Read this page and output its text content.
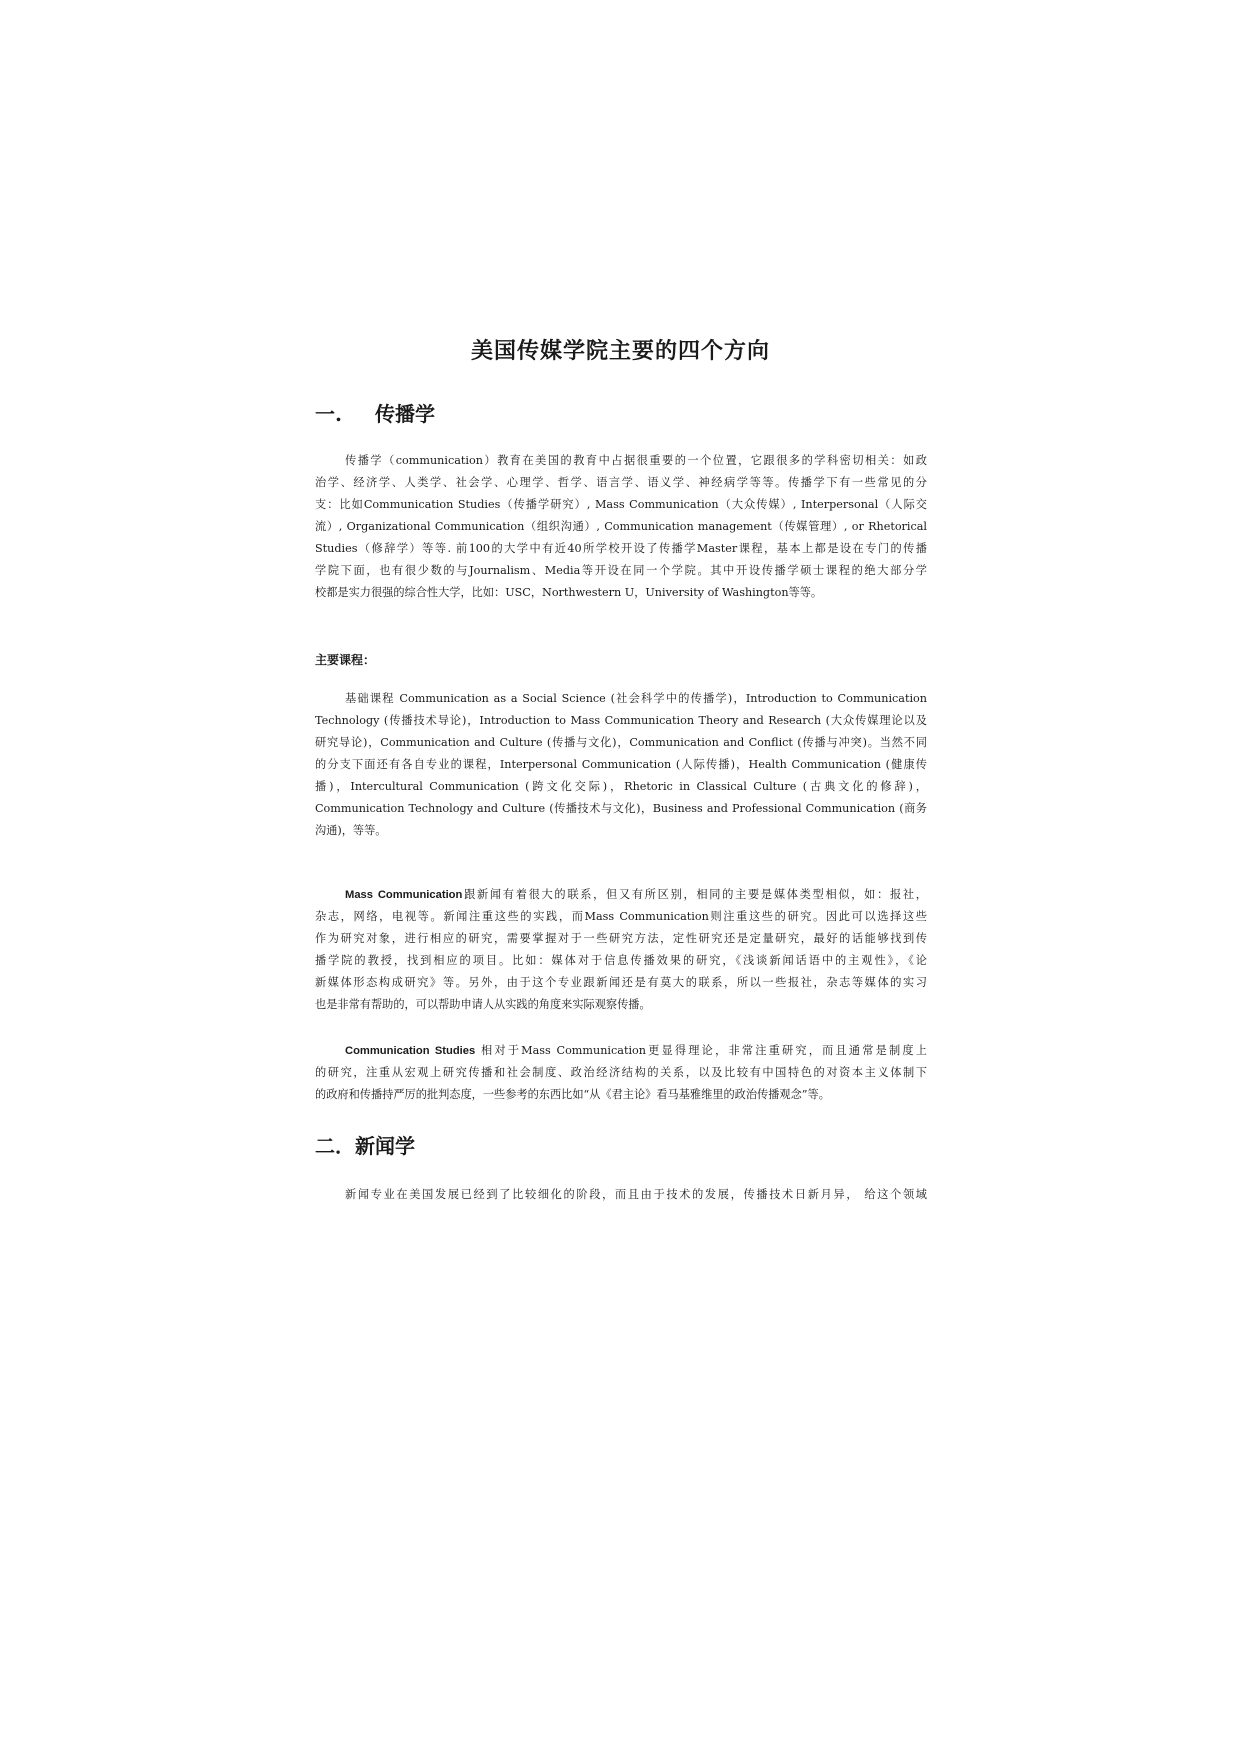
美国传媒学院主要的四个方向
一. 传播学
传播学（communication）教育在美国的教育中占据很重要的一个位置，它跟很多的学科密切相关：如政
治学、经济学、人类学、社会学、心理学、哲学、语言学、语义学、神经病学等等。传播学下有一些常见的分
支：比如Communication Studies（传播学研究）, Mass Communication（大众传媒）, Interpersonal（人际交
流）, Organizational Communication（组织沟通）, Communication management（传媒管理）, or Rhetorical
Studies（修辞学）等等. 前100的大学中有近40所学校开设了传播学Master课程，基本上都是设在专门的传播
学院下面，也有很少数的与Journalism、Media等开设在同一个学院。其中开设传播学硕士课程的绝大部分学
校都是实力很强的综合性大学，比如：USC，Northwestern U，University of Washington等等。
主要课程：
基础课程 Communication as a Social Science (社会科学中的传播学)，Introduction to Communication
Technology (传播技术导论)，Introduction to Mass Communication Theory and Research (大众传媒理论以及
研究导论)，Communication and Culture (传播与文化)，Communication and Conflict (传播与冲突)。当然不同
的分支下面还有各自专业的课程，Interpersonal Communication (人际传播)，Health Communication (健康传
播)，Intercultural Communication (跨文化交际)，Rhetoric in Classical Culture (古典文化的修辞)，
Communication Technology and Culture (传播技术与文化)，Business and Professional Communication (商务
沟通)，等等。
Mass Communication跟新闻有着很大的联系，但又有所区别，相同的主要是媒体类型相似，如：报社，
杂志，网络，电视等。新闻注重这些的实践，而Mass Communication则注重这些的研究。因此可以选择这些
作为研究对象，进行相应的研究，需要掌握对于一些研究方法，定性研究还是定量研究，最好的话能够找到传
播学院的教授，找到相应的项目。比如：媒体对于信息传播效果的研究，《浅谈新闻话语中的主观性》，《论
新媒体形态构成研究》等。另外，由于这个专业跟新闻还是有莫大的联系，所以一些报社，杂志等媒体的实习
也是非常有帮助的，可以帮助申请人从实践的角度来实际观察传播。
Communication Studies 相对于Mass Communication更显得理论，非常注重研究，而且通常是制度上
的研究，注重从宏观上研究传播和社会制度、政治经济结构的关系，以及比较有中国特色的对资本主义体制下
的政府和传播持严厉的批判态度，一些参考的东西比如“从《君主论》看马基雅维里的政治传播观念”等。
二．新闻学
新闻专业在美国发展已经到了比较细化的阶段，而且由于技术的发展，传播技术日新月异， 给这个领域
